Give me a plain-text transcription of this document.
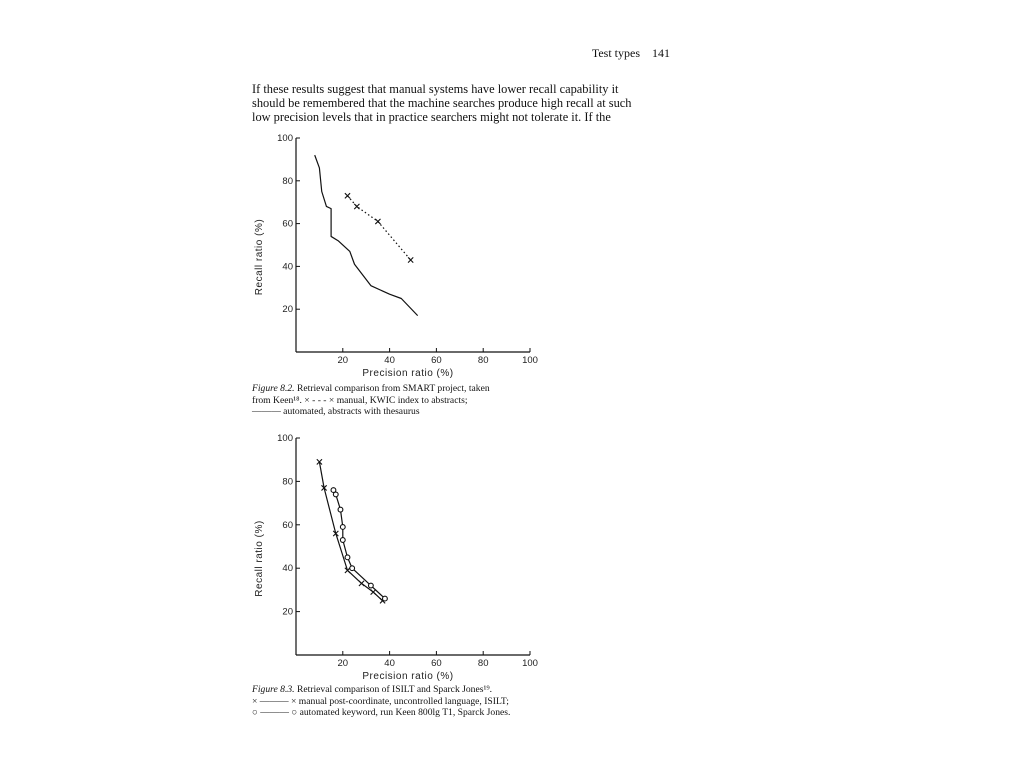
Test types 141

If these results suggest that manual systems have lower recall capability it
should be remembered that the machine searches produce high recall at such
low precision levels that in practice searchers might not tolerate it. If the

20	40	60	80	100
20
40
60
80
100
Precision ratio (%)
Recall ratio (%)
20	40	60	80	100
20
40
60
80
100
Precision ratio (%)
Recall ratio (%)
Figure 8.2. Retrieval comparison from SMART project, taken
from Keen¹⁸. × - - - × manual, KWIC index to abstracts;
——— automated, abstracts with thesaurus
Figure 8.3. Retrieval comparison of ISILT and Sparck Jones¹⁹.
× ——— × manual post-coordinate, uncontrolled language, ISILT;
○ ——— ○ automated keyword, run Keen 800lg T1, Sparck Jones.
